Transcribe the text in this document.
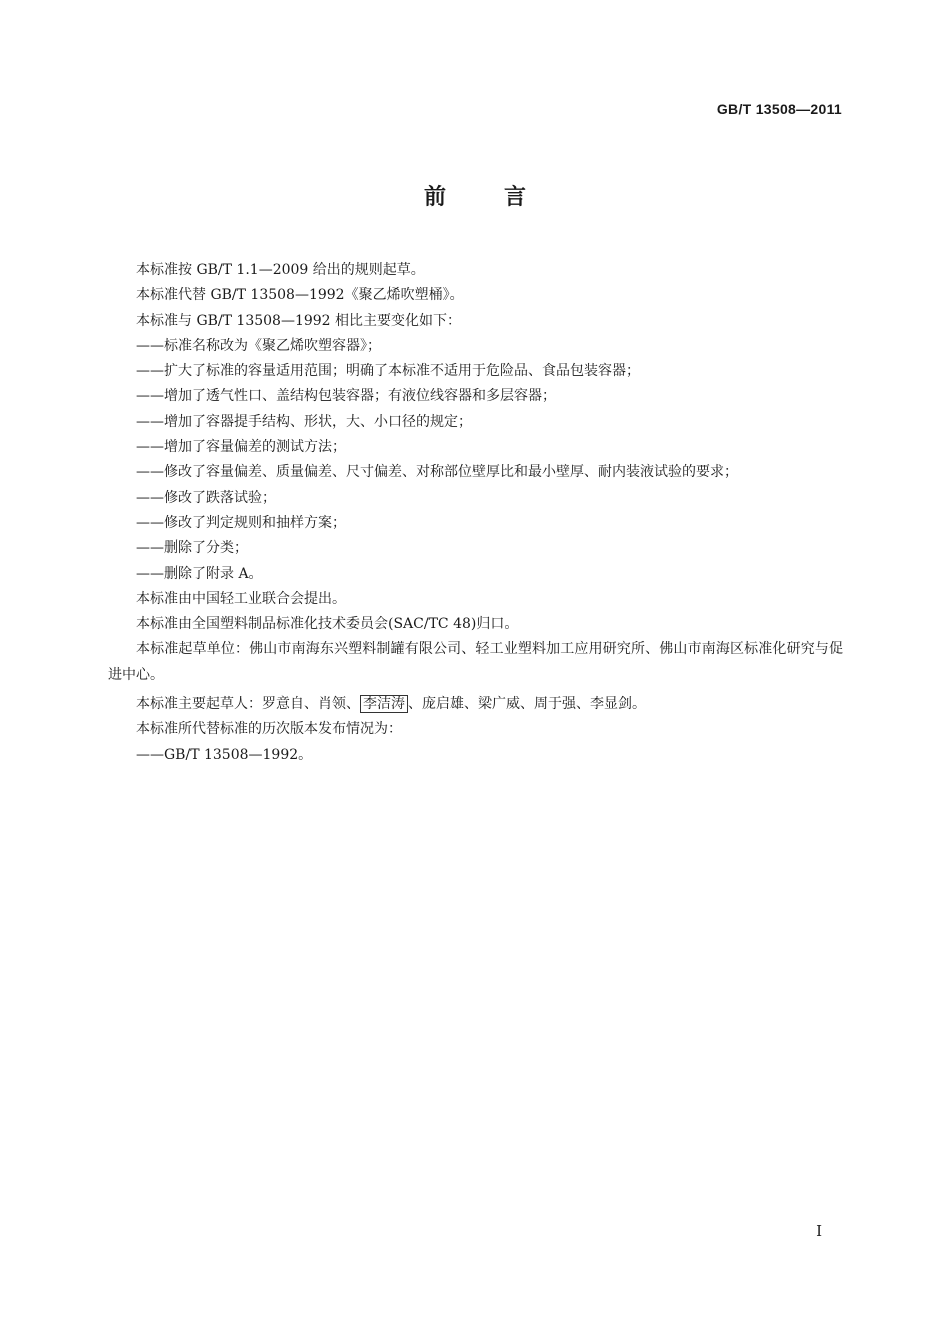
GB/T 13508—2011
前言

本标准按 GB/T 1.1—2009 给出的规则起草。

本标准代替 GB/T 13508—1992《聚乙烯吹塑桶》。

本标准与 GB/T 13508—1992 相比主要变化如下：

——标准名称改为《聚乙烯吹塑容器》；

——扩大了标准的容量适用范围；明确了本标准不适用于危险品、食品包装容器；

——增加了透气性口、盖结构包装容器；有液位线容器和多层容器；

——增加了容器提手结构、形状，大、小口径的规定；

——增加了容量偏差的测试方法；

——修改了容量偏差、质量偏差、尺寸偏差、对称部位壁厚比和最小壁厚、耐内装液试验的要求；

——修改了跌落试验；

——修改了判定规则和抽样方案；

——删除了分类；

——删除了附录 A。

本标准由中国轻工业联合会提出。

本标准由全国塑料制品标准化技术委员会(SAC/TC 48)归口。

本标准起草单位：佛山市南海东兴塑料制罐有限公司、轻工业塑料加工应用研究所、佛山市南海区标准化研究与促进中心。

本标准主要起草人：罗意自、肖领、 李洁涛 、庞启雄、梁广威、周于强、李显剑。

本标准所代替标准的历次版本发布情况为：

——GB/T 13508—1992。

I
